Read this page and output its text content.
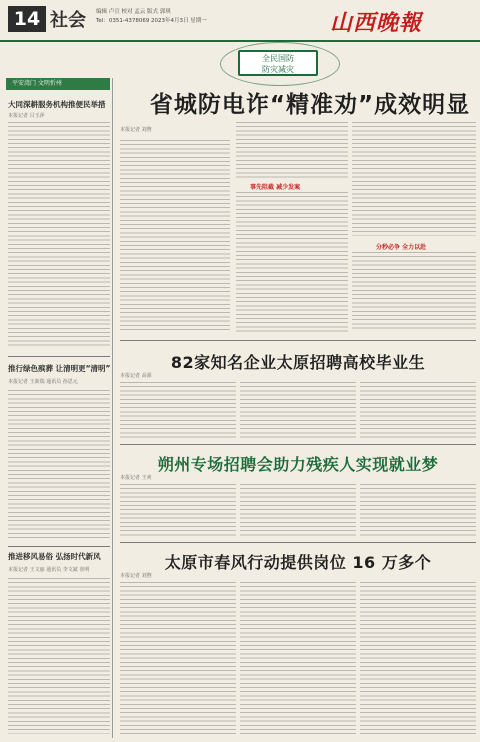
14 社会 编辑 卢宣 校对 孟云 版式 郭琪
Tel：0351-4378069 2023年4月3日 星期一	山西晚報
平安湾门 文明忻州
大同深耕服务机构推便民举措
本报记者 吕玉萍
推行绿色殡葬 让清明更“清明”
本报记者 王新瑞 通讯员 孙思元
推进移风易俗 弘扬时代新风
本报记者 王文丽 通讯员 李文斌 喜明
全民国防
防灾减灾
省城防电诈“精准劝”成效明显
本报记者 刘煦
事先阻截 减少发案
分秒必争 全力以赴
82家知名企业太原招聘高校毕业生
本报记者 高源
朔州专场招聘会助力残疾人实现就业梦
本报记者 王爽
太原市春风行动提供岗位 16 万多个
本报记者 刘煦
